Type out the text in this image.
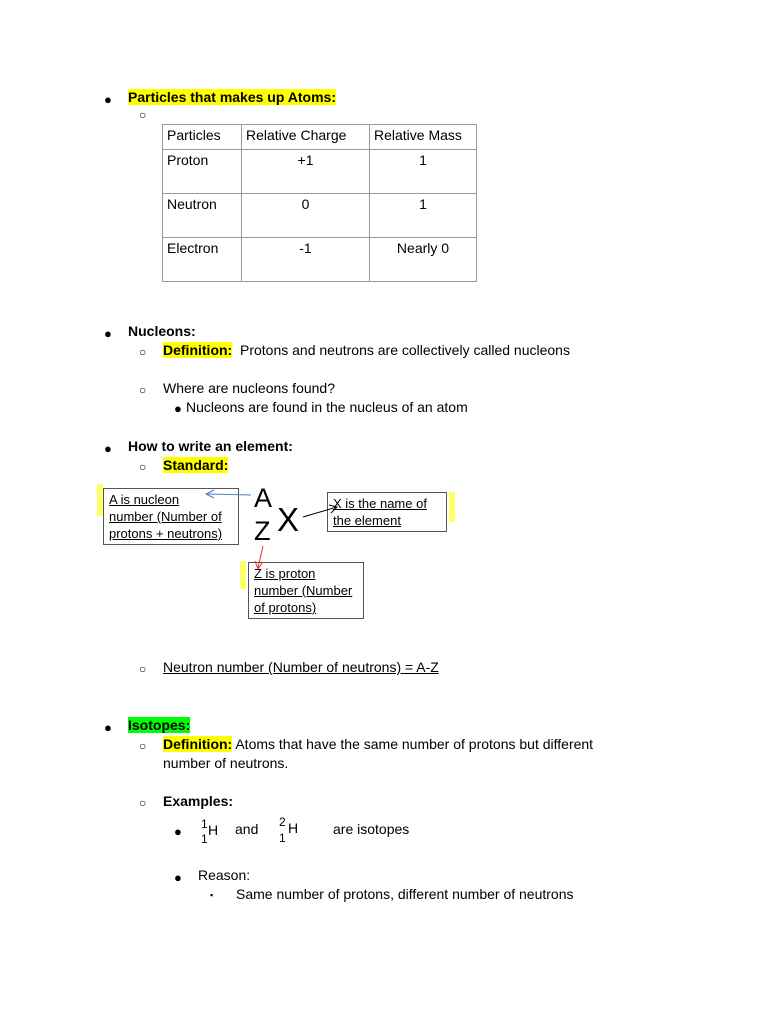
● Particles that makes up Atoms:
○
Particles	Relative Charge	Relative Mass
Proton	+1	1
Neutron	0	1
Electron	-1	Nearly 0
● Nucleons:
○ Definition: Protons and neutrons are collectively called nucleons
○ Where are nucleons found?
● Nucleons are found in the nucleus of an atom
● How to write an element:
○ Standard:
A is nucleon
number (Number of
protons + neutrons)
A
Z X	X is the name of
the element
Z is proton
number (Number
of protons)
○ Neutron number (Number of neutrons) = A-Z
● Isotopes:
○ Definition: Atoms that have the same number of protons but different
number of neutrons.
○ Examples:
● 1
1
H and 2
1
H are isotopes
● Reason:
▪ Same number of protons, different number of neutrons
